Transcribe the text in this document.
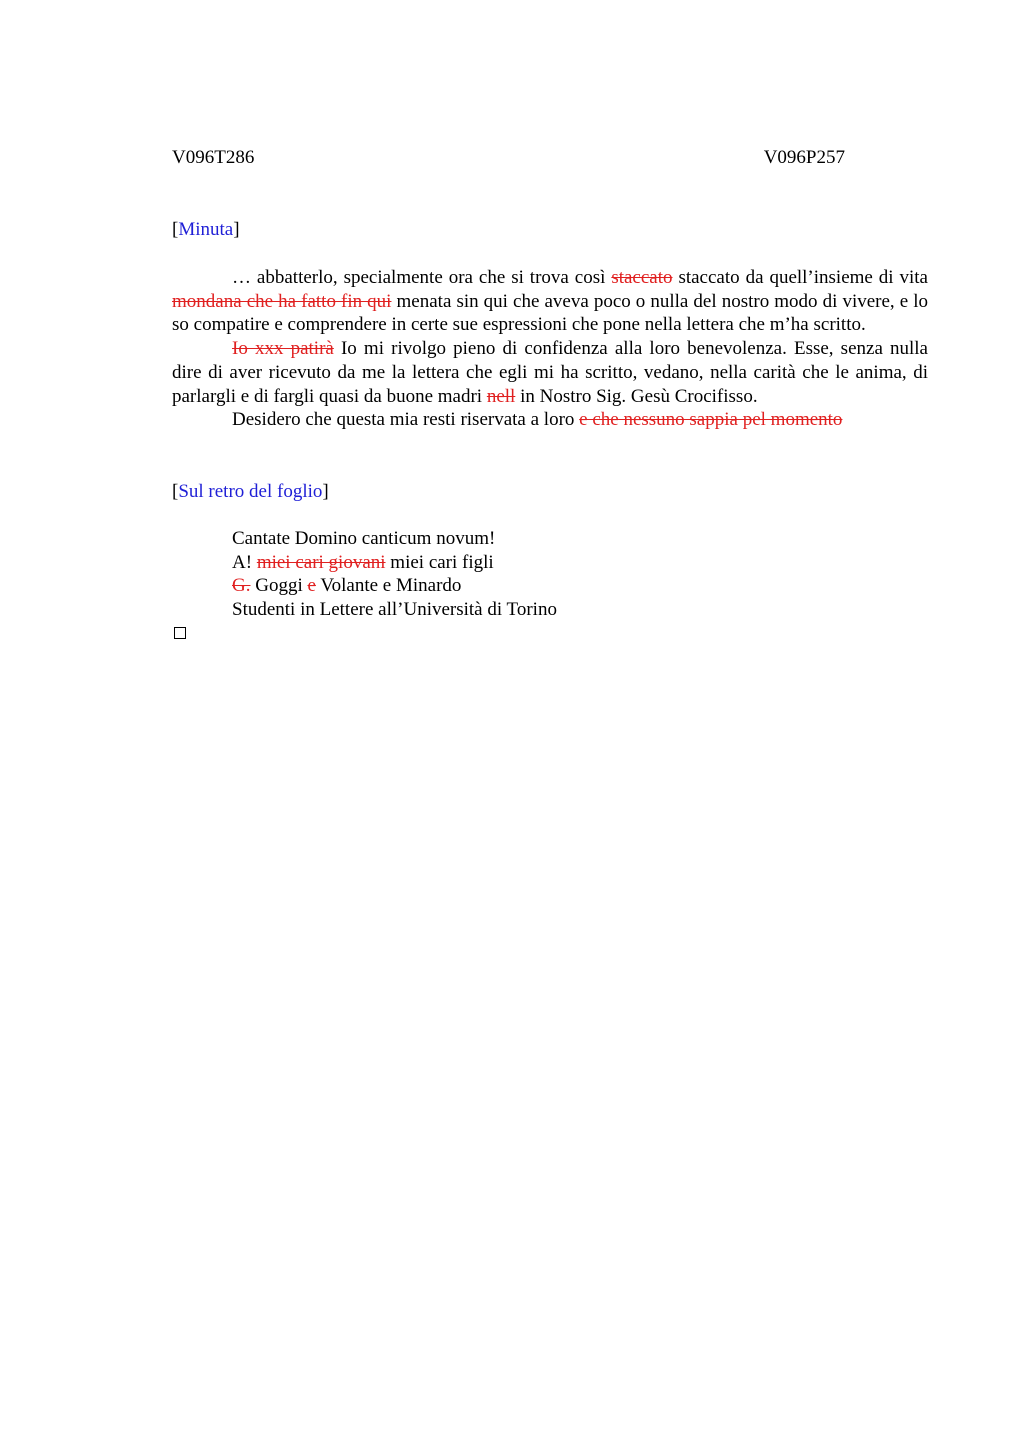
V096T286	V096P257
[Minuta]

… abbatterlo, specialmente ora che si trova così staccato staccato da quell’insieme di vita mondana che ha fatto fin qui menata sin qui che aveva poco o nulla del nostro modo di vivere, e lo so compatire e comprendere in certe sue espressioni che pone nella lettera che m’ha scritto.

Io xxx patirà Io mi rivolgo pieno di confidenza alla loro benevolenza. Esse, senza nulla dire di aver ricevuto da me la lettera che egli mi ha scritto, vedano, nella carità che le anima, di parlargli e di fargli quasi da buone madri nell in Nostro Sig. Gesù Crocifisso.

Desidero che questa mia resti riservata a loro e che nessuno sappia pel momento

[Sul retro del foglio]
Cantate Domino canticum novum!
A! miei cari giovani miei cari figli
G. Goggi e Volante e Minardo
Studenti in Lettere all’Università di Torino
